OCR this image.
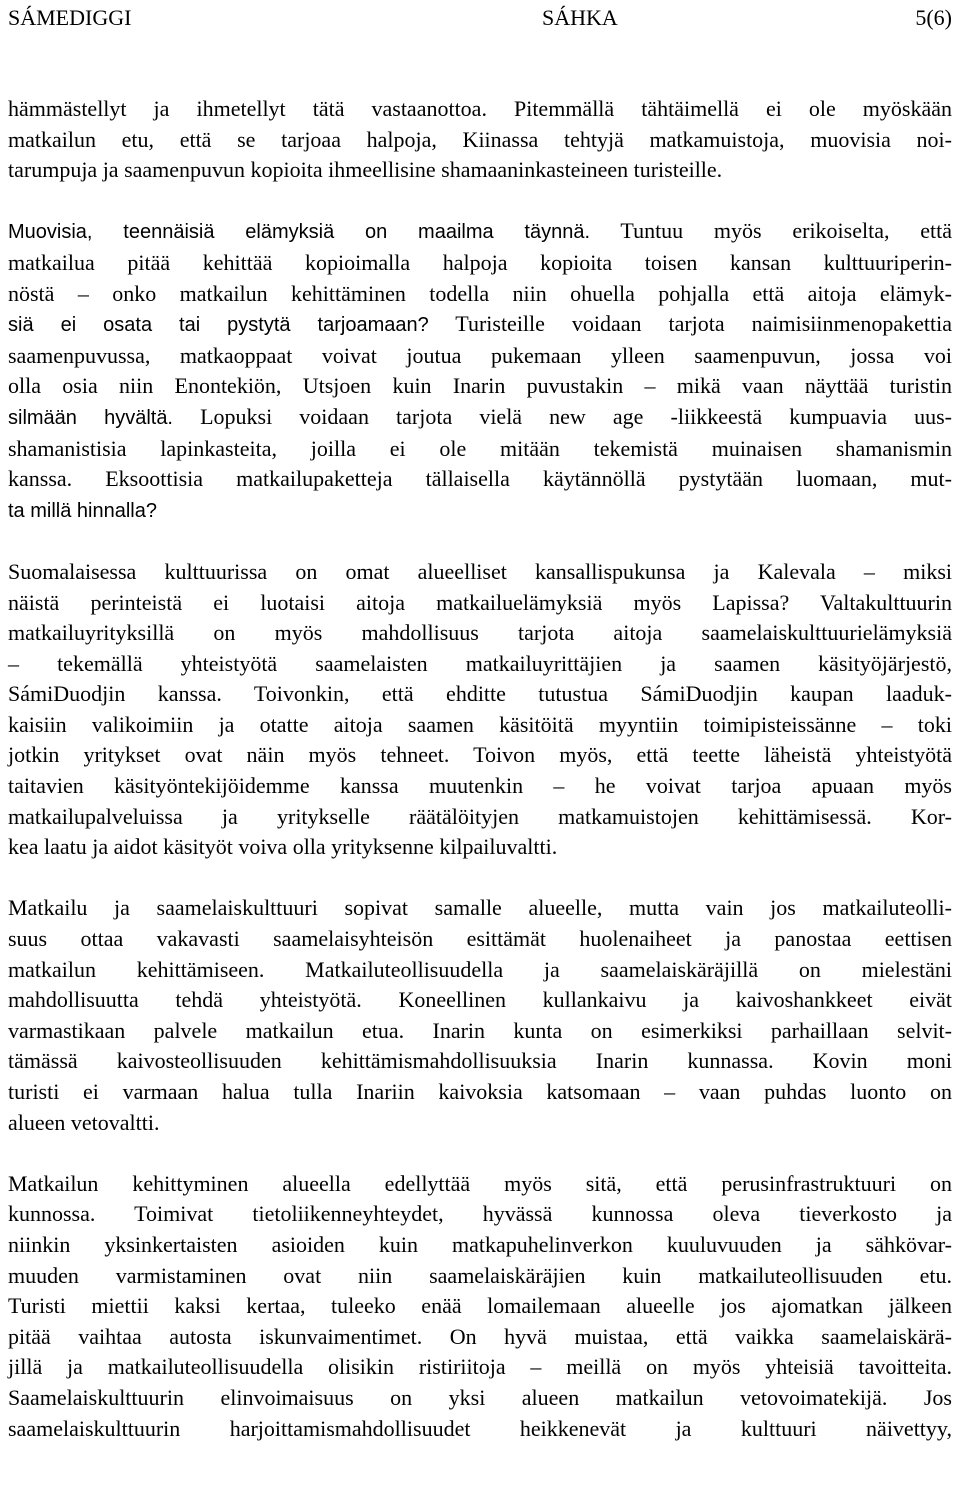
SÁMEDIGGI	SÁHKA	5(6)
hämmästellyt ja ihmetellyt tätä vastaanottoa. Pitemmällä tähtäimellä ei ole myöskään
matkailun etu, että se tarjoaa halpoja, Kiinassa tehtyjä matkamuistoja, muovisia noi-
tarumpuja ja saamenpuvun kopioita ihmeellisine shamaaninkasteineen turisteille.
Muovisia, teennäisiä elämyksiä on maailma täynnä. Tuntuu myös erikoiselta, että
matkailua pitää kehittää kopioimalla halpoja kopioita toisen kansan kulttuuriperin-
nöstä – onko matkailun kehittäminen todella niin ohuella pohjalla että aitoja elämyk-
siä ei osata tai pystytä tarjoamaan? Turisteille voidaan tarjota naimisiinmenopakettia
saamenpuvussa, matkaoppaat voivat joutua pukemaan ylleen saamenpuvun, jossa voi
olla osia niin Enontekiön, Utsjoen kuin Inarin puvustakin – mikä vaan näyttää turistin
silmään hyvältä. Lopuksi voidaan tarjota vielä new age -liikkeestä kumpuavia uus-
shamanistisia lapinkasteita, joilla ei ole mitään tekemistä muinaisen shamanismin
kanssa. Eksoottisia matkailupaketteja tällaisella käytännöllä pystytään luomaan, mut-
ta millä hinnalla?
Suomalaisessa kulttuurissa on omat alueelliset kansallispukunsa ja Kalevala – miksi
näistä perinteistä ei luotaisi aitoja matkailuelämyksiä myös Lapissa? Valtakulttuurin
matkailuyrityksillä on myös mahdollisuus tarjota aitoja saamelaiskulttuurielämyksiä
– tekemällä yhteistyötä saamelaisten matkailuyrittäjien ja saamen käsityöjärjestö,
SámiDuodjin kanssa. Toivonkin, että ehditte tutustua SámiDuodjin kaupan laaduk-
kaisiin valikoimiin ja otatte aitoja saamen käsitöitä myyntiin toimipisteissänne – toki
jotkin yritykset ovat näin myös tehneet. Toivon myös, että teette läheistä yhteistyötä
taitavien käsityöntekijöidemme kanssa muutenkin – he voivat tarjoa apuaan myös
matkailupalveluissa ja yritykselle räätälöityjen matkamuistojen kehittämisessä. Kor-
kea laatu ja aidot käsityöt voiva olla yrityksenne kilpailuvaltti.
Matkailu ja saamelaiskulttuuri sopivat samalle alueelle, mutta vain jos matkailuteolli-
suus ottaa vakavasti saamelaisyhteisön esittämät huolenaiheet ja panostaa eettisen
matkailun kehittämiseen. Matkailuteollisuudella ja saamelaiskäräjillä on mielestäni
mahdollisuutta tehdä yhteistyötä. Koneellinen kullankaivu ja kaivoshankkeet eivät
varmastikaan palvele matkailun etua. Inarin kunta on esimerkiksi parhaillaan selvit-
tämässä kaivosteollisuuden kehittämismahdollisuuksia Inarin kunnassa. Kovin moni
turisti ei varmaan halua tulla Inariin kaivoksia katsomaan – vaan puhdas luonto on
alueen vetovaltti.
Matkailun kehittyminen alueella edellyttää myös sitä, että perusinfrastruktuuri on
kunnossa. Toimivat tietoliikenneyhteydet, hyvässä kunnossa oleva tieverkosto ja
niinkin yksinkertaisten asioiden kuin matkapuhelinverkon kuuluvuuden ja sähkövar-
muuden varmistaminen ovat niin saamelaiskäräjien kuin matkailuteollisuuden etu.
Turisti miettii kaksi kertaa, tuleeko enää lomailemaan alueelle jos ajomatkan jälkeen
pitää vaihtaa autosta iskunvaimentimet. On hyvä muistaa, että vaikka saamelaiskärä-
jillä ja matkailuteollisuudella olisikin ristiriitoja – meillä on myös yhteisiä tavoitteita.
Saamelaiskulttuurin elinvoimaisuus on yksi alueen matkailun vetovoimatekijä. Jos
saamelaiskulttuurin harjoittamismahdollisuudet heikkenevät ja kulttuuri näivettyy,
